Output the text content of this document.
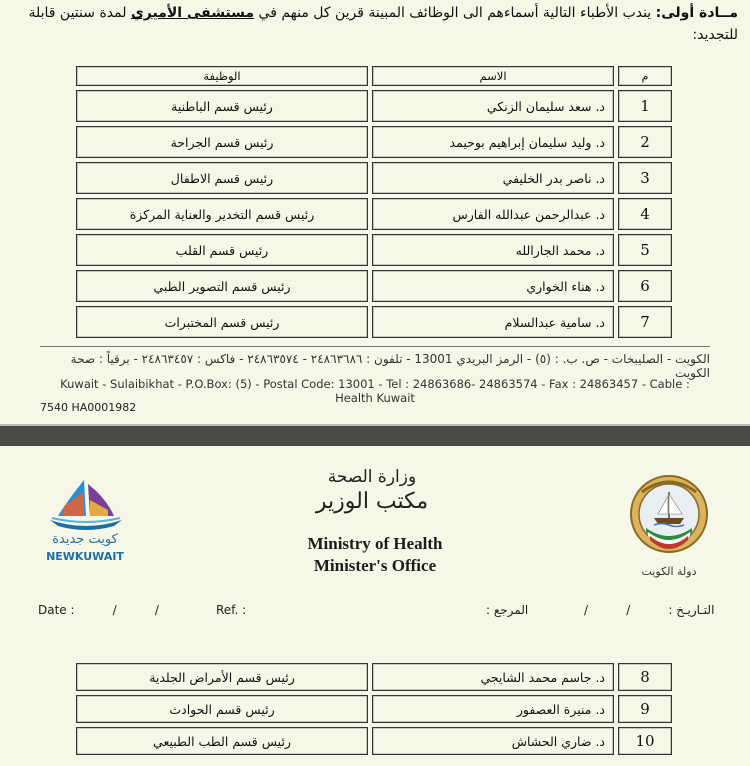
مــادة أولى: يندب الأطباء التالية أسماءهم الى الوظائف المبينة قرين كل منهم في مستشفى الأميري لمدة سنتين قابلة للتجديد:
م	الاسم	الوظيفة
1	د. سعد سليمان الزنكي	رئيس قسم الباطنية
2	د. وليد سليمان إبراهيم بوحيمد	رئيس قسم الجراحة
3	د. ناصر بدر الخليفي	رئيس قسم الاطفال
4	د. عبدالرحمن عبدالله الفارس	رئيس قسم التخدير والعناية المركزة
5	د. محمد الجارالله	رئيس قسم القلب
6	د. هناء الخواري	رئيس قسم التصوير الطبي
7	د. سامية عبدالسلام	رئيس قسم المختبرات
الكويت - الصليبخات - ص. ب. : (٥) - الرمز البريدي 13001 - تلفون : ٢٤٨٦٣٦٨٦ - ٢٤٨٦٣٥٧٤ - فاكس : ٢٤٨٦٣٤٥٧ - برقياً : صحة الكويت
Kuwait - Sulaibikhat - P.O.Box: (5) - Postal Code: 13001 - Tel : 24863686- 24863574 - Fax : 24863457 - Cable : Health Kuwait
7540 HA0001982
دولة الكويت
كويت جديدة
NEWKUWAIT
وزارة الصحة
مكتب الوزير
Ministry of Health
Minister's Office
Date :          /          /	Ref. :	المرجع :	التـاريـخ :          /          /
8	د. جاسم محمد الشايجي	رئيس قسم الأمراض الجلدية
9	د. منيرة العصفور	رئيس قسم الحوادث
10	د. ضاري الحشاش	رئيس قسم الطب الطبيعي
